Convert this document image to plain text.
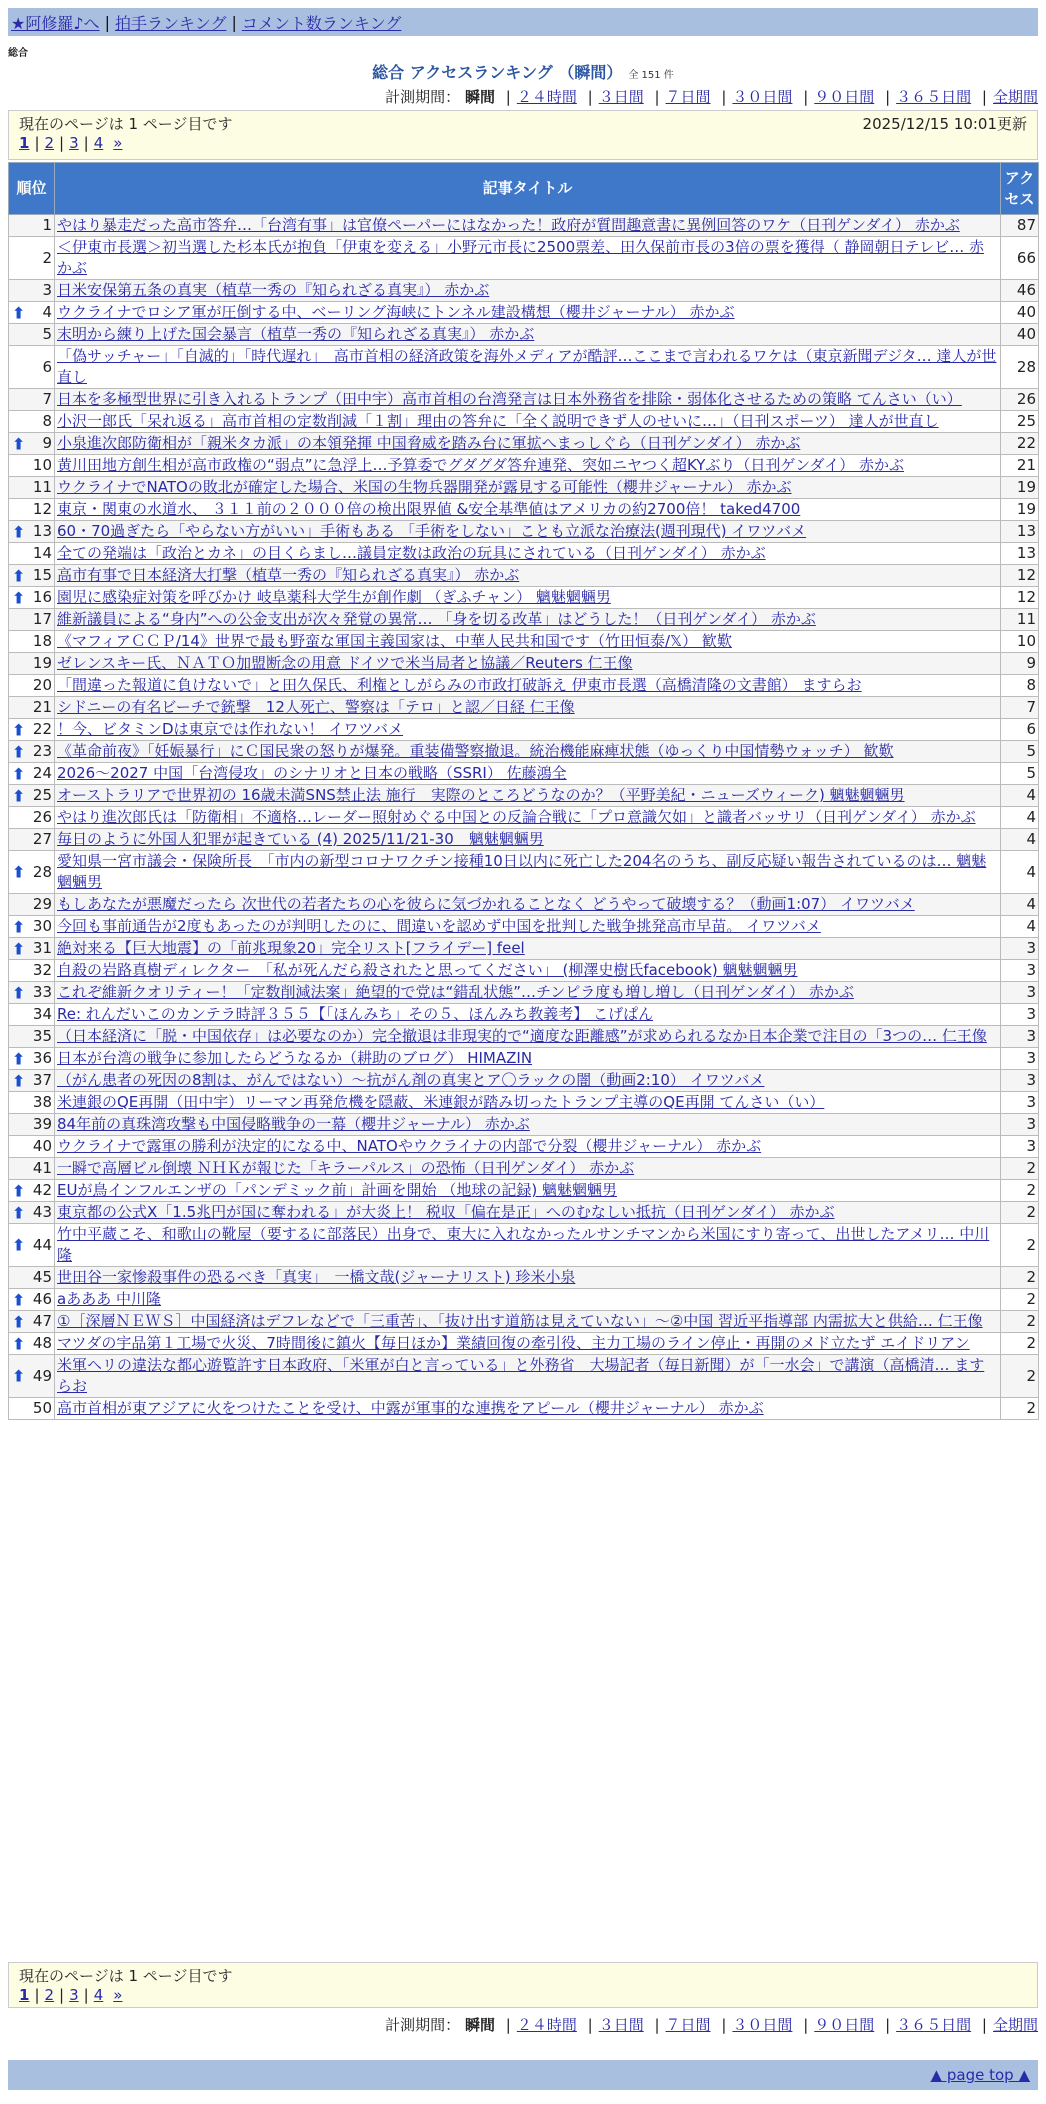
★阿修羅♪へ | 拍手ランキング | コメント数ランキング
総合
総合 アクセスランキング （瞬間） 全 151 件
計測期間： 瞬間 | ２４時間 | ３日間 | ７日間 | ３０日間 | ９０日間 | ３６５日間 | 全期間
現在のページは 1 ページ目です	2025/12/15 10:01更新
1 | 2 | 3 | 4 »
順位	記事タイトル	アクセス
1	やはり暴走だった高市答弁…「台湾有事」は官僚ペーパーにはなかった！政府が質問趣意書に異例回答のワケ（日刊ゲンダイ） 赤かぶ	87
2	＜伊東市長選＞初当選した杉本氏が抱負「伊東を変える」小野元市長に2500票差、田久保前市長の3倍の票を獲得（ 静岡朝日テレビ… 赤かぶ	66
3	日米安保第五条の真実（植草一秀の『知られざる真実』） 赤かぶ	46

⬆ 4	ウクライナでロシア軍が圧倒する中、ベーリング海峡にトンネル建設構想（櫻井ジャーナル） 赤かぶ	40
5	末明から練り上げた国会暴言（植草一秀の『知られざる真実』） 赤かぶ	40
6	「偽サッチャー」「自滅的」「時代遅れ」　高市首相の経済政策を海外メディアが酷評…ここまで言われるワケは（東京新聞デジタ… 達人が世直し	28
7	日本を多極型世界に引き入れるトランプ（田中宇）高市首相の台湾発言は日本外務省を排除・弱体化させるための策略 てんさい（い）	26
8	小沢一郎氏「呆れ返る」高市首相の定数削減「１割」理由の答弁に「全く説明できず人のせいに…」（日刊スポーツ） 達人が世直し	25

⬆ 9	小泉進次郎防衛相が「親米タカ派」の本領発揮 中国脅威を踏み台に軍拡へまっしぐら（日刊ゲンダイ） 赤かぶ	22
10	黄川田地方創生相が高市政権の“弱点”に急浮上…予算委でグダグダ答弁連発、突如ニヤつく超KYぶり（日刊ゲンダイ） 赤かぶ	21
11	ウクライナでNATOの敗北が確定した場合、米国の生物兵器開発が露見する可能性（櫻井ジャーナル） 赤かぶ	19
12	東京・関東の水道水、 ３１１前の２０００倍の検出限界値 &安全基準値はアメリカの約2700倍！ taked4700	19

⬆ 13	60・70過ぎたら「やらない方がいい」手術もある 「手術をしない」ことも立派な治療法(週刊現代) イワツバメ	13
14	全ての発端は「政治とカネ」の目くらまし…議員定数は政治の玩具にされている（日刊ゲンダイ） 赤かぶ	13

⬆ 15	高市有事で日本経済大打撃（植草一秀の『知られざる真実』） 赤かぶ	12

⬆ 16	園児に感染症対策を呼びかけ 岐阜薬科大学生が創作劇 （ぎふチャン） 魑魅魍魎男	12
17	維新議員による“身内”への公金支出が次々発覚の異常… 「身を切る改革」はどうした！（日刊ゲンダイ） 赤かぶ	11
18	《マフィアＣＣＰ/14》世界で最も野蛮な軍国主義国家は、中華人民共和国です（竹田恒泰/𝕏） 歓歎	10
19	ゼレンスキー氏、ＮＡＴＯ加盟断念の用意 ドイツで米当局者と協議／Reuters 仁王像	9
20	「間違った報道に負けないで」と田久保氏、利権としがらみの市政打破訴え 伊東市長選（高橋清隆の文書館） ますらお	8
21	シドニーの有名ビーチで銃撃　12人死亡、警察は「テロ」と認／日経 仁王像	7

⬆ 22	！今、ビタミンDは東京では作れない！ イワツバメ	6

⬆ 23	《革命前夜》「妊娠暴行」にＣ国民衆の怒りが爆発。重装備警察撤退。統治機能麻痺状態（ゆっくり中国情勢ウォッチ） 歓歎	5

⬆ 24	2026～2027 中国「台湾侵攻」のシナリオと日本の戦略（SSRI） 佐藤鴻全	5

⬆ 25	オーストラリアで世界初の 16歳未満SNS禁止法 施行　実際のところどうなのか？（平野美紀・ニューズウィーク) 魑魅魍魎男	4
26	やはり進次郎氏は「防衛相」不適格…レーダー照射めぐる中国との反論合戦に「プロ意識欠如」と識者バッサリ（日刊ゲンダイ） 赤かぶ	4
27	毎日のように外国人犯罪が起きている (4) 2025/11/21-30　魑魅魍魎男	4

⬆ 28	愛知県一宮市議会・保険所長　「市内の新型コロナワクチン接種10日以内に死亡した204名のうち、副反応疑い報告されているのは… 魑魅魍魎男	4
29	もしあなたが悪魔だったら 次世代の若者たちの心を彼らに気づかれることなく どうやって破壊する？（動画1:07） イワツバメ	4

⬆ 30	今回も事前通告が2度もあったのが判明したのに、間違いを認めず中国を批判した戦争挑発高市早苗。 イワツバメ	4

⬆ 31	絶対来る【巨大地震】の「前兆現象20」完全リスト[フライデー] feel	3
32	自殺の岩路真樹ディレクター　「私が死んだら殺されたと思ってください」 (柳澤史樹氏facebook) 魑魅魍魎男	3

⬆ 33	これぞ維新クオリティー！「定数削減法案」絶望的で党は“錯乱状態”…チンピラ度も増し増し（日刊ゲンダイ） 赤かぶ	3
34	Re: れんだいこのカンテラ時評３５５【「ほんみち」その５、ほんみち教義考】 こげぱん	3
35	（日本経済に「脱・中国依存」は必要なのか）完全撤退は非現実的で“適度な距離感”が求められるなか日本企業で注目の「3つの… 仁王像	3

⬆ 36	日本が台湾の戦争に参加したらどうなるか（耕助のブログ） HIMAZIN	3

⬆ 37	（がん患者の死因の8割は、がんではない）～抗がん剤の真実とア〇ラックの闇（動画2:10） イワツバメ	3
38	米連銀のQE再開（田中宇）リーマン再発危機を隠蔽、米連銀が踏み切ったトランプ主導のQE再開 てんさい（い）	3
39	84年前の真珠湾攻撃も中国侵略戦争の一幕（櫻井ジャーナル） 赤かぶ	3
40	ウクライナで露軍の勝利が決定的になる中、NATOやウクライナの内部で分裂（櫻井ジャーナル） 赤かぶ	3
41	一瞬で高層ビル倒壊 ＮＨＫが報じた「キラーパルス」の恐怖（日刊ゲンダイ） 赤かぶ	2

⬆ 42	EUが鳥インフルエンザの「パンデミック前」計画を開始 （地球の記録) 魑魅魍魎男	2

⬆ 43	東京都の公式X「1.5兆円が国に奪われる」が大炎上！ 税収「偏在是正」へのむなしい抵抗（日刊ゲンダイ） 赤かぶ	2

⬆ 44	竹中平蔵こそ、和歌山の靴屋（要するに部落民）出身で、東大に入れなかったルサンチマンから米国にすり寄って、出世したアメリ… 中川隆	2
45	世田谷一家惨殺事件の恐るべき「真実」　一橋文哉(ジャーナリスト) 珍米小泉	2

⬆ 46	aあああ 中川隆	2

⬆ 47	①［深層ＮＥＷＳ］中国経済はデフレなどで「三重苦」、「抜け出す道筋は見えていない」～②中国 習近平指導部 内需拡大と供給… 仁王像	2

⬆ 48	マツダの宇品第１工場で火災、7時間後に鎮火【毎日ほか】業績回復の牽引役、主力工場のライン停止・再開のメド立たず エイドリアン	2

⬆ 49	米軍ヘリの違法な都心遊覧許す日本政府、「米軍が白と言っている」と外務省　大場記者（毎日新聞）が「一水会」で講演（高橋清… ますらお	2
50	高市首相が東アジアに火をつけたことを受け、中露が軍事的な連携をアピール（櫻井ジャーナル） 赤かぶ	2
現在のページは 1 ページ目です
1 | 2 | 3 | 4 »
計測期間： 瞬間 | ２４時間 | ３日間 | ７日間 | ３０日間 | ９０日間 | ３６５日間 | 全期間
▲ page top ▲
